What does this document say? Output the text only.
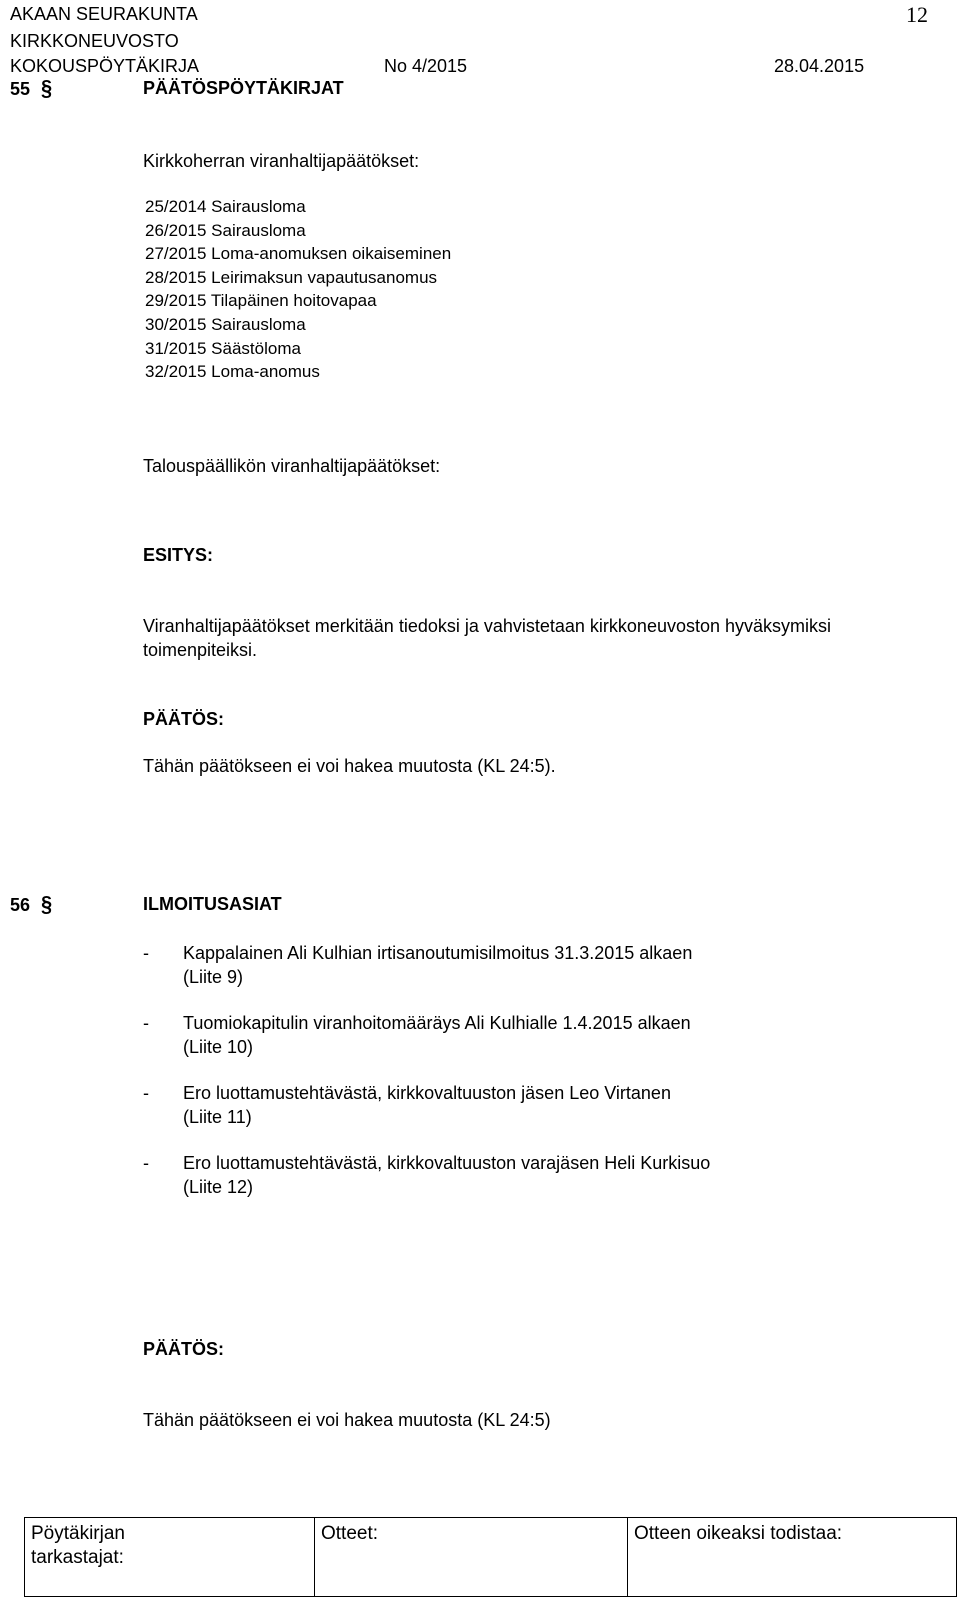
AKAAN SEURAKUNTA
KIRKKONEUVOSTO
KOKOUSPÖYTÄKIRJA	No 4/2015	28.04.2015
12
55 §	PÄÄTÖSPÖYTÄKIRJAT
Kirkkoherran viranhaltijapäätökset:
25/2014 Sairausloma
26/2015 Sairausloma
27/2015 Loma-anomuksen oikaiseminen
28/2015 Leirimaksun vapautusanomus
29/2015 Tilapäinen hoitovapaa
30/2015 Sairausloma
31/2015 Säästöloma
32/2015 Loma-anomus
Talouspäällikön viranhaltijapäätökset:
ESITYS:
Viranhaltijapäätökset merkitään tiedoksi ja vahvistetaan kirkkoneuvoston hyväksymiksi
toimenpiteiksi.
PÄÄTÖS:
Tähän päätökseen ei voi hakea muutosta (KL 24:5).
56 §	ILMOITUSASIAT
- Kappalainen Ali Kulhian irtisanoutumisilmoitus 31.3.2015 alkaen
(Liite 9)
- Tuomiokapitulin viranhoitomääräys Ali Kulhialle 1.4.2015 alkaen
(Liite 10)
- Ero luottamustehtävästä, kirkkovaltuuston jäsen Leo Virtanen
(Liite 11)
- Ero luottamustehtävästä, kirkkovaltuuston varajäsen Heli Kurkisuo
(Liite 12)
PÄÄTÖS:
Tähän päätökseen ei voi hakea muutosta (KL 24:5)
Pöytäkirjan
tarkastajat:

Otteet:	Otteen oikeaksi todistaa:
